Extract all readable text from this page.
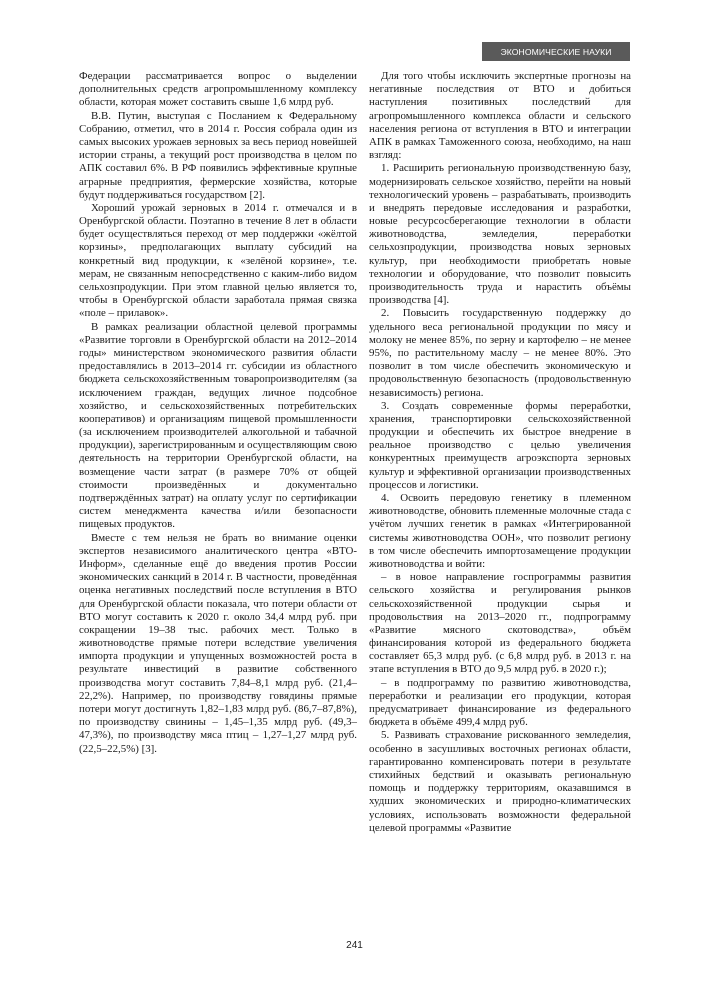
ЭКОНОМИЧЕСКИЕ НАУКИ

Федерации рассматривается вопрос о выделении дополнительных средств агропромышленному комплексу области, которая может составить свыше 1,6 млрд руб.

В.В. Путин, выступая с Посланием к Федеральному Собранию, отметил, что в 2014 г. Россия собрала один из самых высоких урожаев зерновых за весь период новейшей истории страны, а текущий рост производства в целом по АПК составил 6%. В РФ появились эффективные крупные аграрные предприятия, фермерские хозяйства, которые будут поддерживаться государством [2].

Хороший урожай зерновых в 2014 г. отмечался и в Оренбургской области. Поэтапно в течение 8 лет в области будет осуществляться переход от мер поддержки «жёлтой корзины», предполагающих выплату субсидий на конкретный вид продукции, к «зелёной корзине», т.е. мерам, не связанным непосредственно с каким-либо видом сельхозпродукции. При этом главной целью является то, чтобы в Оренбургской области заработала прямая связка «поле – прилавок».

В рамках реализации областной целевой программы «Развитие торговли в Оренбургской области на 2012–2014 годы» министерством экономического развития области предоставлялись в 2013–2014 гг. субсидии из областного бюджета сельскохозяйственным товаропроизводителям (за исключением граждан, ведущих личное подсобное хозяйство, и сельскохозяйственных потребительских кооперативов) и организациям пищевой промышленности (за исключением производителей алкогольной и табачной продукции), зарегистрированным и осуществляющим свою деятельность на территории Оренбургской области, на возмещение части затрат (в размере 70% от общей стоимости произведённых и документально подтверждённых затрат) на оплату услуг по сертификации систем менеджмента качества и/или безопасности пищевых продуктов.

Вместе с тем нельзя не брать во внимание оценки экспертов независимого аналитического центра «ВТО-Информ», сделанные ещё до введения против России экономических санкций в 2014 г. В частности, проведённая оценка негативных последствий после вступления в ВТО для Оренбургской области показала, что потери области от ВТО могут составить к 2020 г. около 34,4 млрд руб. при сокращении 19–38 тыс. рабочих мест. Только в животноводстве прямые потери вследствие увеличения импорта продукции и упущенных возможностей роста в результате инвестиций в развитие собственного производства могут составить 7,84–8,1 млрд руб. (21,4–22,2%). Например, по производству говядины прямые потери могут достигнуть 1,82–1,83 млрд руб. (86,7–87,8%), по производству свинины – 1,45–1,35 млрд руб. (49,3–47,3%), по производству мяса птиц – 1,27–1,27 млрд руб. (22,5–22,5%) [3].

Для того чтобы исключить экспертные прогнозы на негативные последствия от ВТО и добиться наступления позитивных последствий для агропромышленного комплекса области и сельского населения региона от вступления в ВТО и интеграции АПК в рамках Таможенного союза, необходимо, на наш взгляд:

1. Расширить региональную производственную базу, модернизировать сельское хозяйство, перейти на новый технологический уровень – разрабатывать, производить и внедрять передовые исследования и разработки, новые ресурсосберегающие технологии в области животноводства, земледелия, переработки сельхозпродукции, производства новых зерновых культур, при необходимости приобретать новые технологии и оборудование, что позволит повысить производительность труда и нарастить объёмы производства [4].

2. Повысить государственную поддержку до удельного веса региональной продукции по мясу и молоку не менее 85%, по зерну и картофелю – не менее 95%, по растительному маслу – не менее 80%. Это позволит в том числе обеспечить экономическую и продовольственную безопасность (продовольственную независимость) региона.

3. Создать современные формы переработки, хранения, транспортировки сельскохозяйственной продукции и обеспечить их быстрое внедрение в реальное производство с целью увеличения конкурентных преимуществ агроэкспорта зерновых культур и эффективной организации производственных процессов и логистики.

4. Освоить передовую генетику в племенном животноводстве, обновить племенные молочные стада с учётом лучших генетик в рамках «Интегрированной системы животноводства ООН», что позволит региону в том числе обеспечить импортозамещение продукции животноводства и войти:

– в новое направление госпрограммы развития сельского хозяйства и регулирования рынков сельскохозяйственной продукции сырья и продовольствия на 2013–2020 гг., подпрограмму «Развитие мясного скотоводства», объём финансирования которой из федерального бюджета составляет 65,3 млрд руб. (с 6,8 млрд руб. в 2013 г. на этапе вступления в ВТО до 9,5 млрд руб. в 2020 г.);

– в подпрограмму по развитию животноводства, переработки и реализации его продукции, которая предусматривает финансирование из федерального бюджета в объёме 499,4 млрд руб.

5. Развивать страхование рискованного земледелия, особенно в засушливых восточных регионах области, гарантированно компенсировать потери в результате стихийных бедствий и оказывать региональную помощь и поддержку территориям, оказавшимся в худших экономических и природно-климатических условиях, использовать возможности федеральной целевой программы «Развитие

241
